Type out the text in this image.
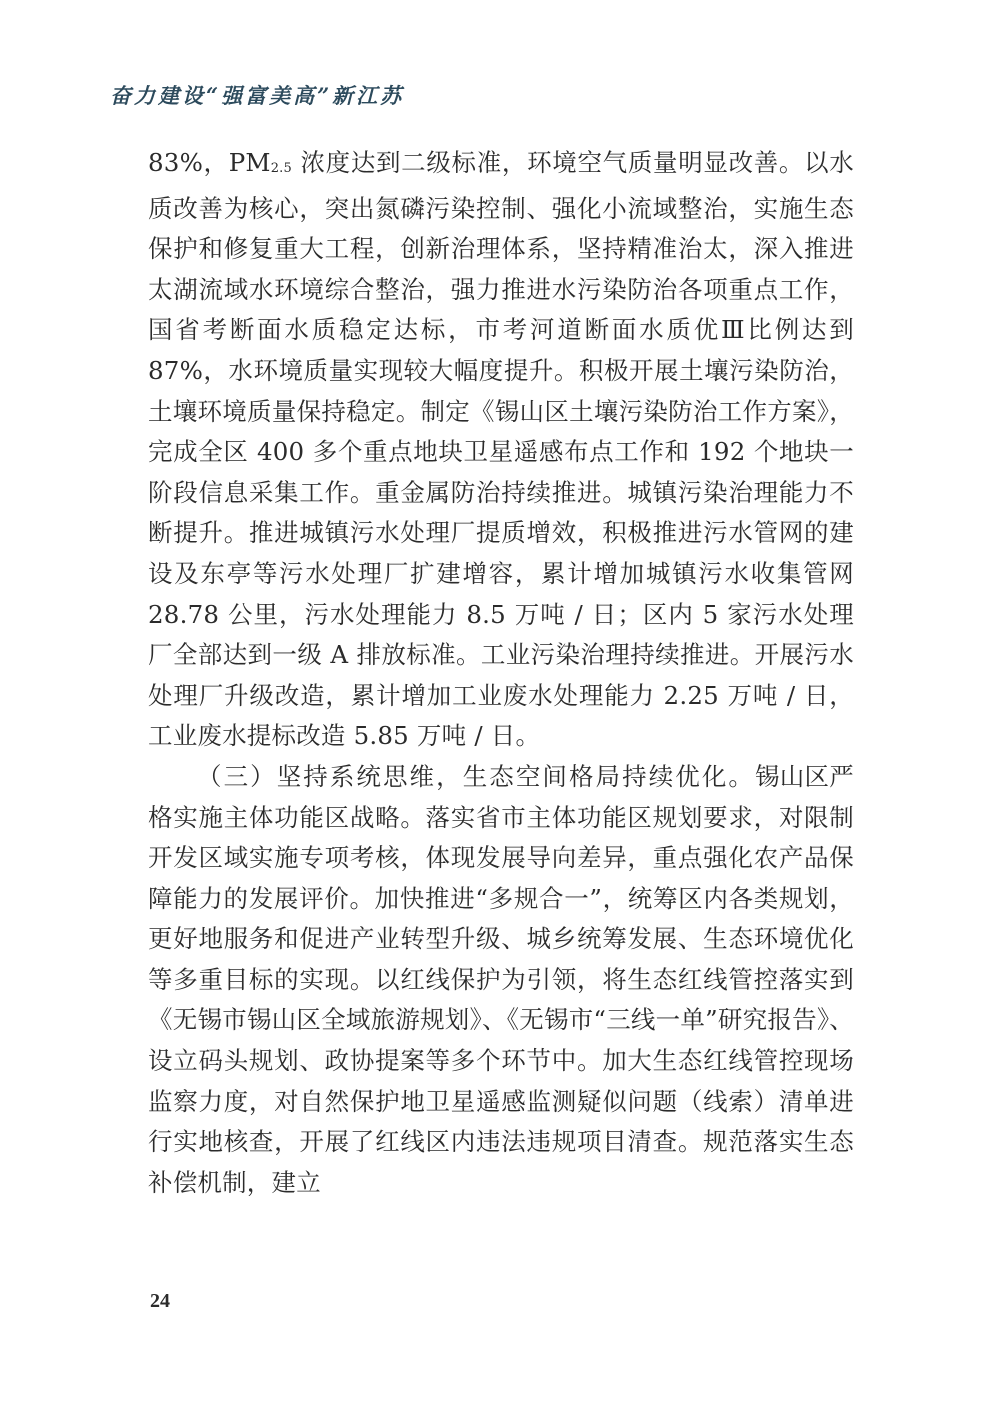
奋力建设“强富美高”新江苏

83%，PM2.5 浓度达到二级标准，环境空气质量明显改善。以水质改善为核心，突出氮磷污染控制、强化小流域整治，实施生态保护和修复重大工程，创新治理体系，坚持精准治太，深入推进太湖流域水环境综合整治，强力推进水污染防治各项重点工作，国省考断面水质稳定达标，市考河道断面水质优Ⅲ比例达到 87%，水环境质量实现较大幅度提升。积极开展土壤污染防治，土壤环境质量保持稳定。制定《锡山区土壤污染防治工作方案》，完成全区 400 多个重点地块卫星遥感布点工作和 192 个地块一阶段信息采集工作。重金属防治持续推进。城镇污染治理能力不断提升。推进城镇污水处理厂提质增效，积极推进污水管网的建设及东亭等污水处理厂扩建增容，累计增加城镇污水收集管网 28.78 公里，污水处理能力 8.5 万吨 / 日；区内 5 家污水处理厂全部达到一级 A 排放标准。工业污染治理持续推进。开展污水处理厂升级改造，累计增加工业废水处理能力 2.25 万吨 / 日，工业废水提标改造 5.85 万吨 / 日。

（三）坚持系统思维，生态空间格局持续优化。锡山区严格实施主体功能区战略。落实省市主体功能区规划要求，对限制开发区域实施专项考核，体现发展导向差异，重点强化农产品保障能力的发展评价。加快推进“多规合一”，统筹区内各类规划，更好地服务和促进产业转型升级、城乡统筹发展、生态环境优化等多重目标的实现。以红线保护为引领，将生态红线管控落实到《无锡市锡山区全域旅游规划》、《无锡市“三线一单”研究报告》、设立码头规划、政协提案等多个环节中。加大生态红线管控现场监察力度，对自然保护地卫星遥感监测疑似问题（线索）清单进行实地核查，开展了红线区内违法违规项目清查。规范落实生态补偿机制，建立

24
